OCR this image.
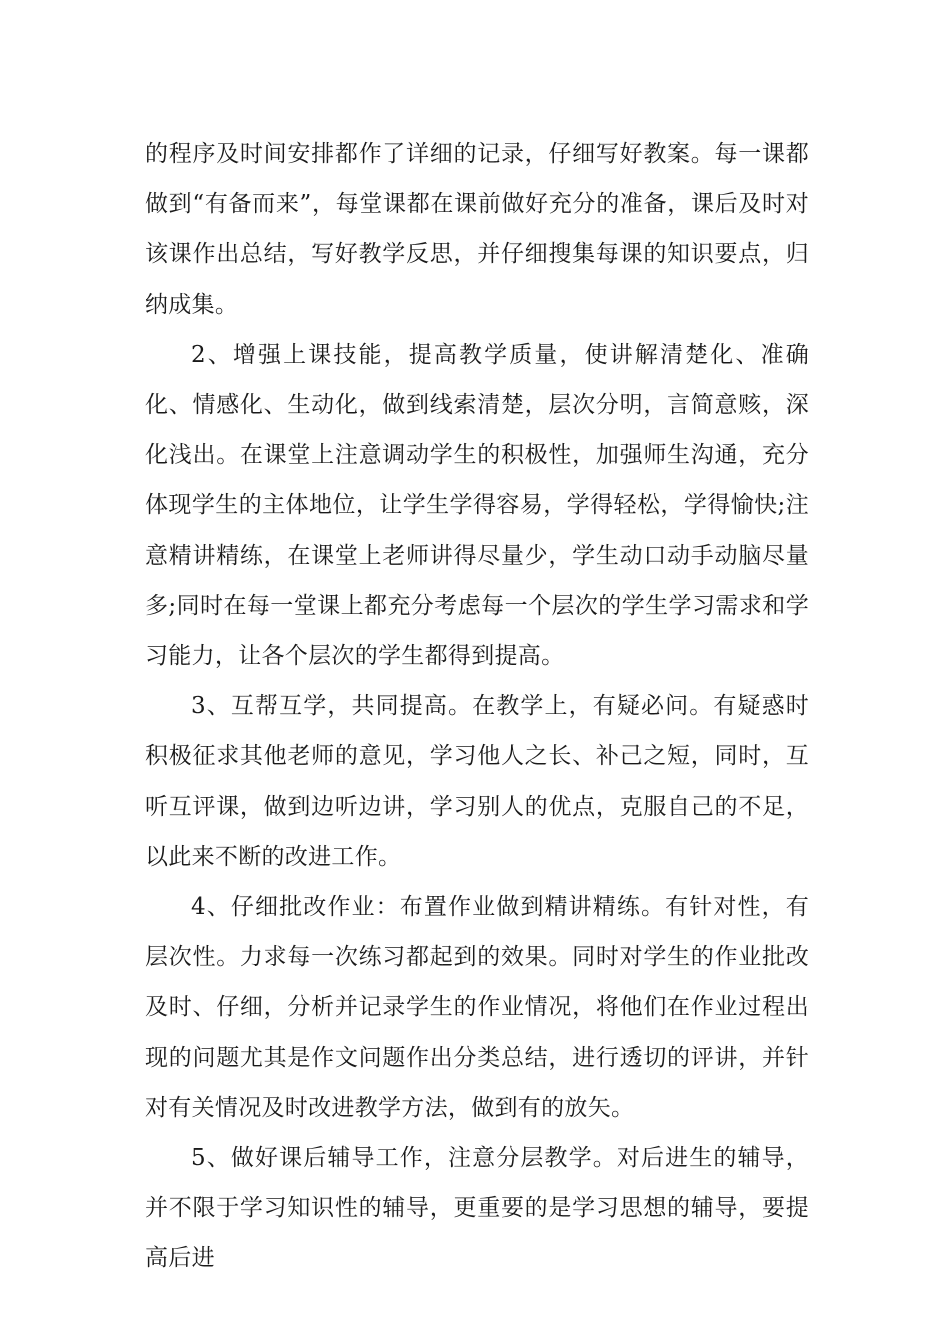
的程序及时间安排都作了详细的记录，仔细写好教案。每一课都做到“有备而来”，每堂课都在课前做好充分的准备，课后及时对该课作出总结，写好教学反思，并仔细搜集每课的知识要点，归纳成集。

2、增强上课技能，提高教学质量，使讲解清楚化、准确化、情感化、生动化，做到线索清楚，层次分明，言简意赅，深化浅出。在课堂上注意调动学生的积极性，加强师生沟通，充分体现学生的主体地位，让学生学得容易，学得轻松，学得愉快;注意精讲精练，在课堂上老师讲得尽量少，学生动口动手动脑尽量多;同时在每一堂课上都充分考虑每一个层次的学生学习需求和学习能力，让各个层次的学生都得到提高。

3、互帮互学，共同提高。在教学上，有疑必问。有疑惑时积极征求其他老师的意见，学习他人之长、补己之短，同时，互听互评课，做到边听边讲，学习别人的优点，克服自己的不足，以此来不断的改进工作。

4、仔细批改作业：布置作业做到精讲精练。有针对性，有层次性。力求每一次练习都起到的效果。同时对学生的作业批改及时、仔细，分析并记录学生的作业情况，将他们在作业过程出现的问题尤其是作文问题作出分类总结，进行透切的评讲，并针对有关情况及时改进教学方法，做到有的放矢。

5、做好课后辅导工作，注意分层教学。对后进生的辅导，并不限于学习知识性的辅导，更重要的是学习思想的辅导，要提高后进
